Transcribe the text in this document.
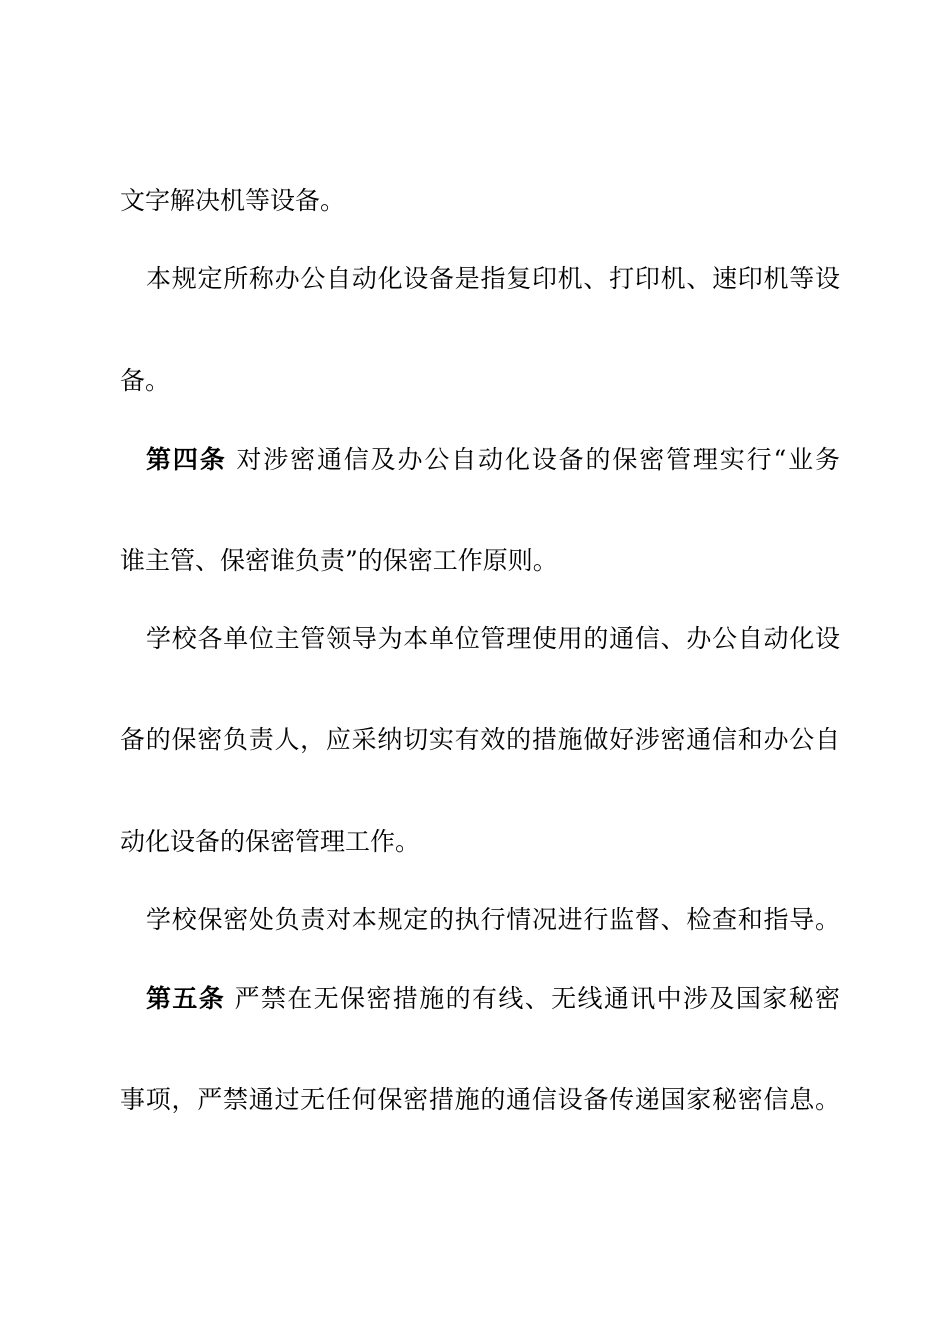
文字解决机等设备。
本规定所称办公自动化设备是指复印机、打印机、速印机等设
备。
第四条 对涉密通信及办公自动化设备的保密管理实行“业务
谁主管、保密谁负责”的保密工作原则。
学校各单位主管领导为本单位管理使用的通信、办公自动化设
备的保密负责人，应采纳切实有效的措施做好涉密通信和办公自
动化设备的保密管理工作。
学校保密处负责对本规定的执行情况进行监督、检查和指导。
第五条 严禁在无保密措施的有线、无线通讯中涉及国家秘密
事项，严禁通过无任何保密措施的通信设备传递国家秘密信息。
